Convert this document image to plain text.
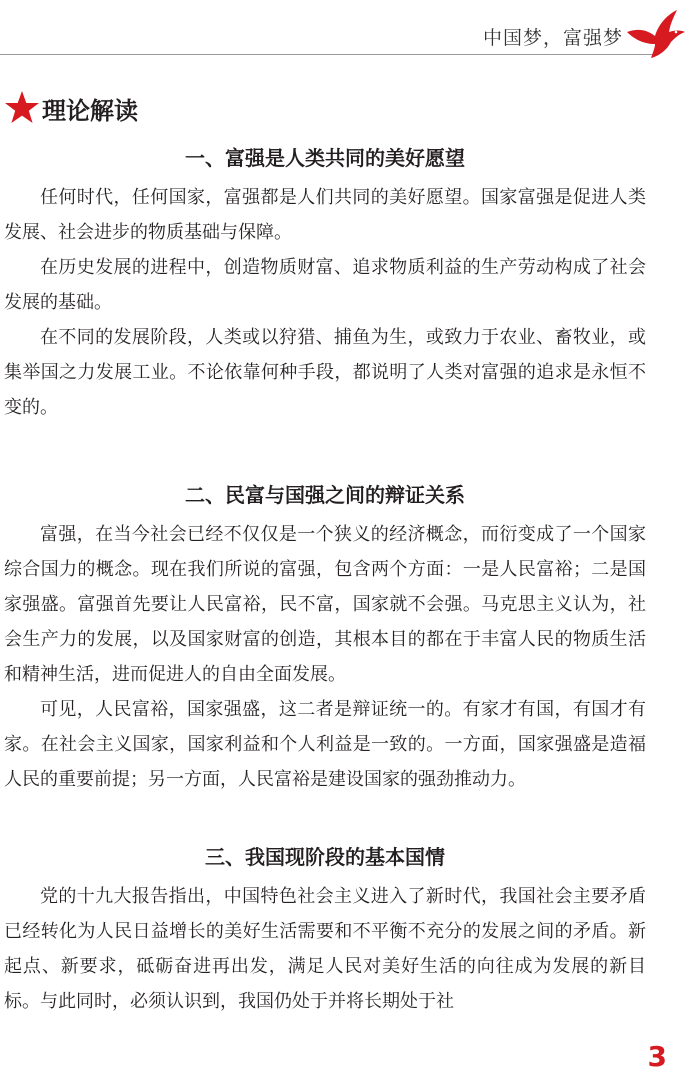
中国梦，富强梦
理论解读
一、富强是人类共同的美好愿望

任何时代，任何国家，富强都是人们共同的美好愿望。国家富强是促进人类发展、社会进步的物质基础与保障。

在历史发展的进程中，创造物质财富、追求物质利益的生产劳动构成了社会发展的基础。

在不同的发展阶段，人类或以狩猎、捕鱼为生，或致力于农业、畜牧业，或集举国之力发展工业。不论依靠何种手段，都说明了人类对富强的追求是永恒不变的。

二、民富与国强之间的辩证关系

富强，在当今社会已经不仅仅是一个狭义的经济概念，而衍变成了一个国家综合国力的概念。现在我们所说的富强，包含两个方面：一是人民富裕；二是国家强盛。富强首先要让人民富裕，民不富，国家就不会强。马克思主义认为，社会生产力的发展，以及国家财富的创造，其根本目的都在于丰富人民的物质生活和精神生活，进而促进人的自由全面发展。

可见，人民富裕，国家强盛，这二者是辩证统一的。有家才有国，有国才有家。在社会主义国家，国家利益和个人利益是一致的。一方面，国家强盛是造福人民的重要前提；另一方面，人民富裕是建设国家的强劲推动力。

三、我国现阶段的基本国情

党的十九大报告指出，中国特色社会主义进入了新时代，我国社会主要矛盾已经转化为人民日益增长的美好生活需要和不平衡不充分的发展之间的矛盾。新起点、新要求，砥砺奋进再出发，满足人民对美好生活的向往成为发展的新目标。与此同时，必须认识到，我国仍处于并将长期处于社

3
